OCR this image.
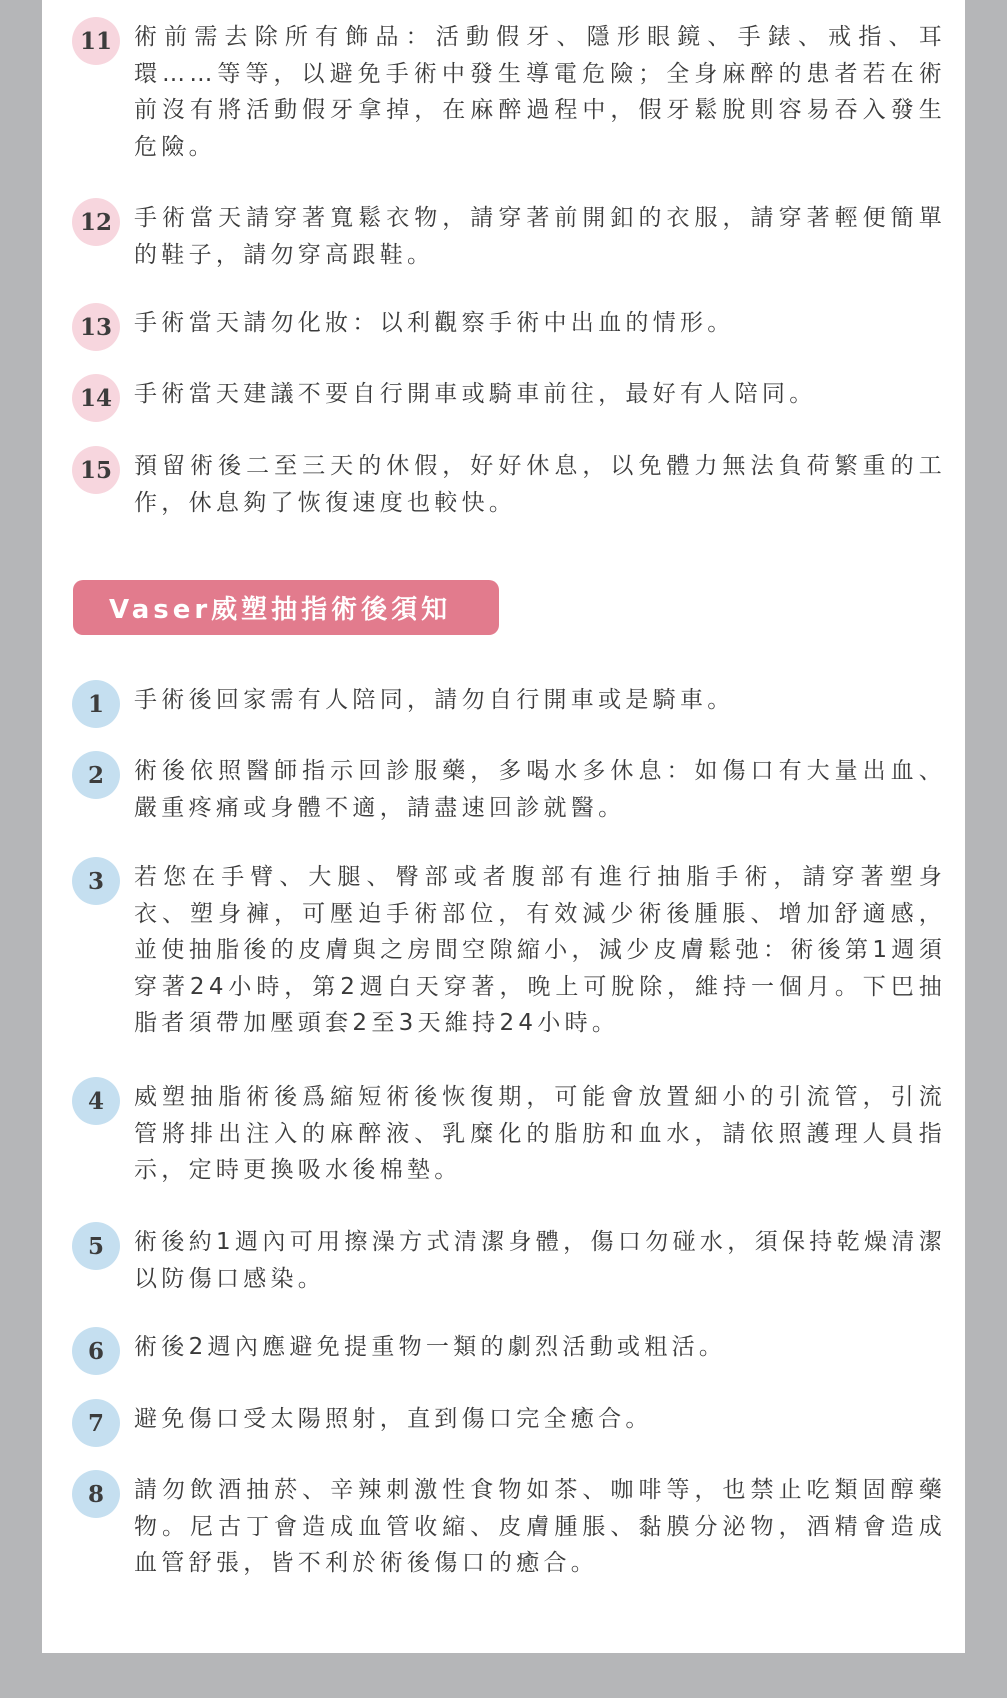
11 術前需去除所有飾品：活動假牙、隱形眼鏡、手錶、戒指、耳環……等等，以避免手術中發生導電危險；全身麻醉的患者若在術前沒有將活動假牙拿掉，在麻醉過程中，假牙鬆脫則容易吞入發生危險。
12 手術當天請穿著寬鬆衣物，請穿著前開釦的衣服，請穿著輕便簡單的鞋子，請勿穿高跟鞋。
13 手術當天請勿化妝：以利觀察手術中出血的情形。
14 手術當天建議不要自行開車或騎車前往，最好有人陪同。
15 預留術後二至三天的休假，好好休息，以免體力無法負荷繁重的工作，休息夠了恢復速度也較快。
Vaser威塑抽指術後須知
1	手術後回家需有人陪同，請勿自行開車或是騎車。
2	術後依照醫師指示回診服藥，多喝水多休息：如傷口有大量出血、嚴重疼痛或身體不適，請盡速回診就醫。
3	若您在手臂、大腿、臀部或者腹部有進行抽脂手術，請穿著塑身衣、塑身褲，可壓迫手術部位，有效減少術後腫脹、增加舒適感，並使抽脂後的皮膚與之房間空隙縮小，減少皮膚鬆弛：術後第1週須穿著24小時，第2週白天穿著，晚上可脫除，維持一個月。下巴抽脂者須帶加壓頭套2至3天維持24小時。
4	威塑抽脂術後爲縮短術後恢復期，可能會放置細小的引流管，引流管將排出注入的麻醉液、乳糜化的脂肪和血水，請依照護理人員指示，定時更換吸水後棉墊。
5	術後約1週內可用擦澡方式清潔身體，傷口勿碰水，須保持乾燥清潔以防傷口感染。
6	術後2週內應避免提重物一類的劇烈活動或粗活。
7	避免傷口受太陽照射，直到傷口完全癒合。
8	請勿飲酒抽菸、辛辣刺激性食物如茶、咖啡等，也禁止吃類固醇藥物。尼古丁會造成血管收縮、皮膚腫脹、黏膜分泌物，酒精會造成血管舒張，皆不利於術後傷口的癒合。
